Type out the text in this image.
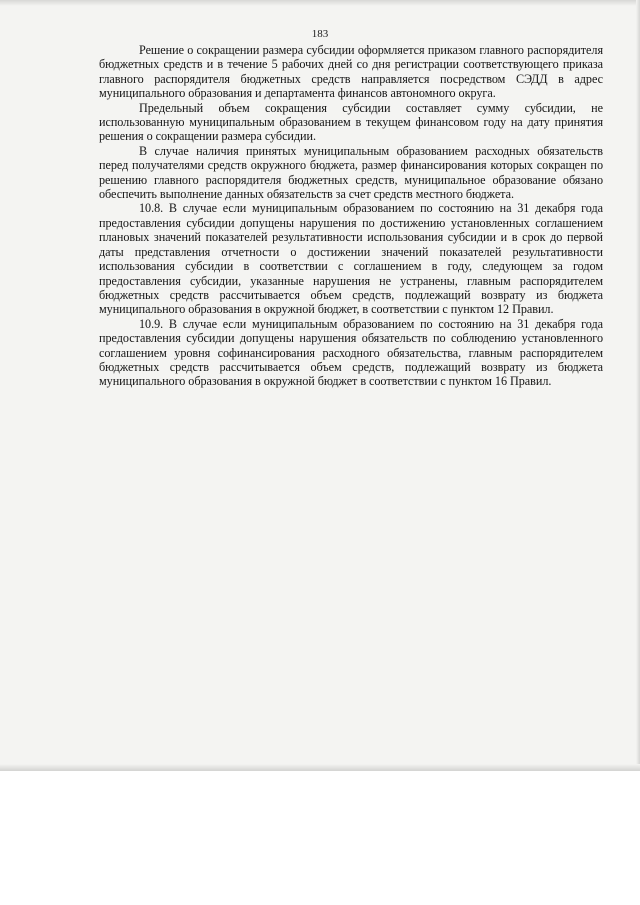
183

Решение о сокращении размера субсидии оформляется приказом главного распорядителя бюджетных средств и в течение 5 рабочих дней со дня регистрации соответствующего приказа главного распорядителя бюджетных средств направляется посредством СЭДД в адрес муниципального образования и департамента финансов автономного округа.

Предельный объем сокращения субсидии составляет сумму субсидии, не использованную муниципальным образованием в текущем финансовом году на дату принятия решения о сокращении размера субсидии.

В случае наличия принятых муниципальным образованием расходных обязательств перед получателями средств окружного бюджета, размер финансирования которых сокращен по решению главного распорядителя бюджетных средств, муниципальное образование обязано обеспечить выполнение данных обязательств за счет средств местного бюджета.

10.8. В случае если муниципальным образованием по состоянию на 31 декабря года предоставления субсидии допущены нарушения по достижению установленных соглашением плановых значений показателей результативности использования субсидии и в срок до первой даты представления отчетности о достижении значений показателей результативности использования субсидии в соответствии с соглашением в году, следующем за годом предоставления субсидии, указанные нарушения не устранены, главным распорядителем бюджетных средств рассчитывается объем средств, подлежащий возврату из бюджета муниципального образования в окружной бюджет, в соответствии с пунктом 12 Правил.

10.9. В случае если муниципальным образованием по состоянию на 31 декабря года предоставления субсидии допущены нарушения обязательств по соблюдению установленного соглашением уровня софинансирования расходного обязательства, главным распорядителем бюджетных средств рассчитывается объем средств, подлежащий возврату из бюджета муниципального образования в окружной бюджет в соответствии с пунктом 16 Правил.
